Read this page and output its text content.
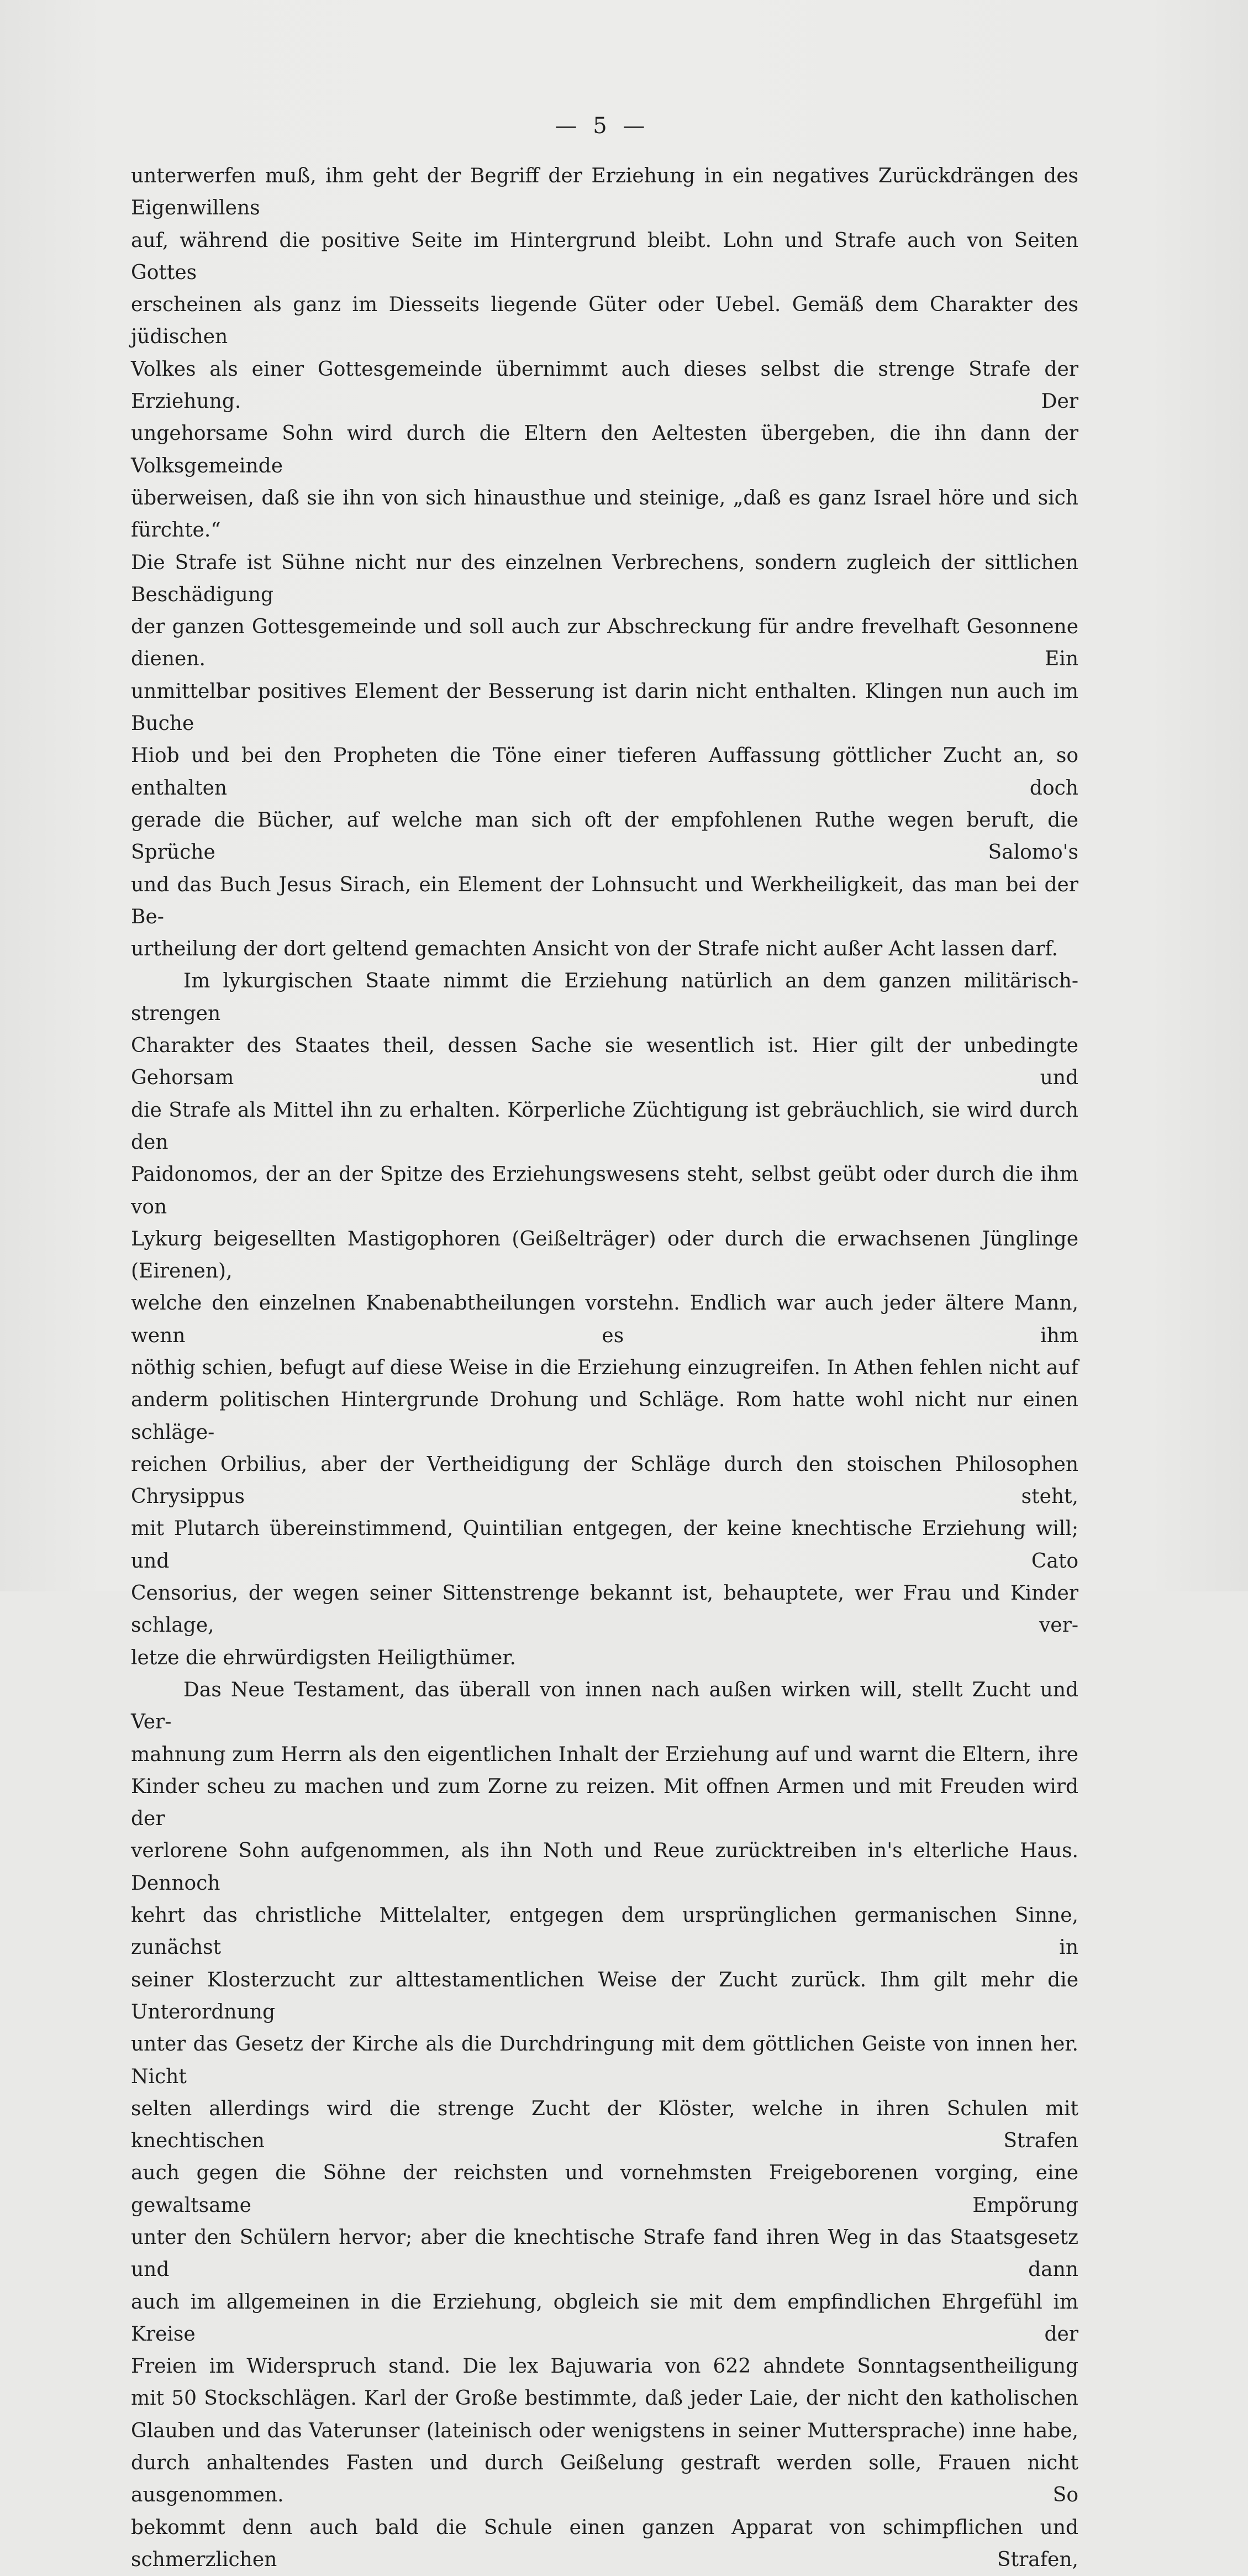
— 5 —
unterwerfen muß, ihm geht der Begriff der Erziehung in ein negatives Zurückdrängen des Eigenwillens
auf, während die positive Seite im Hintergrund bleibt. Lohn und Strafe auch von Seiten Gottes
erscheinen als ganz im Diesseits liegende Güter oder Uebel. Gemäß dem Charakter des jüdischen
Volkes als einer Gottesgemeinde übernimmt auch dieses selbst die strenge Strafe der Erziehung. Der
ungehorsame Sohn wird durch die Eltern den Aeltesten übergeben, die ihn dann der Volksgemeinde
überweisen, daß sie ihn von sich hinausthue und steinige, „daß es ganz Israel höre und sich fürchte.“
Die Strafe ist Sühne nicht nur des einzelnen Verbrechens, sondern zugleich der sittlichen Beschädigung
der ganzen Gottesgemeinde und soll auch zur Abschreckung für andre frevelhaft Gesonnene dienen. Ein
unmittelbar positives Element der Besserung ist darin nicht enthalten. Klingen nun auch im Buche
Hiob und bei den Propheten die Töne einer tieferen Auffassung göttlicher Zucht an, so enthalten doch
gerade die Bücher, auf welche man sich oft der empfohlenen Ruthe wegen beruft, die Sprüche Salomo's
und das Buch Jesus Sirach, ein Element der Lohnsucht und Werkheiligkeit, das man bei der Be-
urtheilung der dort geltend gemachten Ansicht von der Strafe nicht außer Acht lassen darf.
Im lykurgischen Staate nimmt die Erziehung natürlich an dem ganzen militärisch-strengen
Charakter des Staates theil, dessen Sache sie wesentlich ist. Hier gilt der unbedingte Gehorsam und
die Strafe als Mittel ihn zu erhalten. Körperliche Züchtigung ist gebräuchlich, sie wird durch den
Paidonomos, der an der Spitze des Erziehungswesens steht, selbst geübt oder durch die ihm von
Lykurg beigesellten Mastigophoren (Geißelträger) oder durch die erwachsenen Jünglinge (Eirenen),
welche den einzelnen Knabenabtheilungen vorstehn. Endlich war auch jeder ältere Mann, wenn es ihm
nöthig schien, befugt auf diese Weise in die Erziehung einzugreifen. In Athen fehlen nicht auf
anderm politischen Hintergrunde Drohung und Schläge. Rom hatte wohl nicht nur einen schläge-
reichen Orbilius, aber der Vertheidigung der Schläge durch den stoischen Philosophen Chrysippus steht,
mit Plutarch übereinstimmend, Quintilian entgegen, der keine knechtische Erziehung will; und Cato
Censorius, der wegen seiner Sittenstrenge bekannt ist, behauptete, wer Frau und Kinder schlage, ver-
letze die ehrwürdigsten Heiligthümer.
Das Neue Testament, das überall von innen nach außen wirken will, stellt Zucht und Ver-
mahnung zum Herrn als den eigentlichen Inhalt der Erziehung auf und warnt die Eltern, ihre
Kinder scheu zu machen und zum Zorne zu reizen. Mit offnen Armen und mit Freuden wird der
verlorene Sohn aufgenommen, als ihn Noth und Reue zurücktreiben in's elterliche Haus. Dennoch
kehrt das christliche Mittelalter, entgegen dem ursprünglichen germanischen Sinne, zunächst in
seiner Klosterzucht zur alttestamentlichen Weise der Zucht zurück. Ihm gilt mehr die Unterordnung
unter das Gesetz der Kirche als die Durchdringung mit dem göttlichen Geiste von innen her. Nicht
selten allerdings wird die strenge Zucht der Klöster, welche in ihren Schulen mit knechtischen Strafen
auch gegen die Söhne der reichsten und vornehmsten Freigeborenen vorging, eine gewaltsame Empörung
unter den Schülern hervor; aber die knechtische Strafe fand ihren Weg in das Staatsgesetz und dann
auch im allgemeinen in die Erziehung, obgleich sie mit dem empfindlichen Ehrgefühl im Kreise der
Freien im Widerspruch stand. Die lex Bajuwaria von 622 ahndete Sonntagsentheiligung
mit 50 Stockschlägen. Karl der Große bestimmte, daß jeder Laie, der nicht den katholischen
Glauben und das Vaterunser (lateinisch oder wenigstens in seiner Muttersprache) inne habe,
durch anhaltendes Fasten und durch Geißelung gestraft werden solle, Frauen nicht ausgenommen. So
bekommt denn auch bald die Schule einen ganzen Apparat von schimpflichen und schmerzlichen Strafen,
